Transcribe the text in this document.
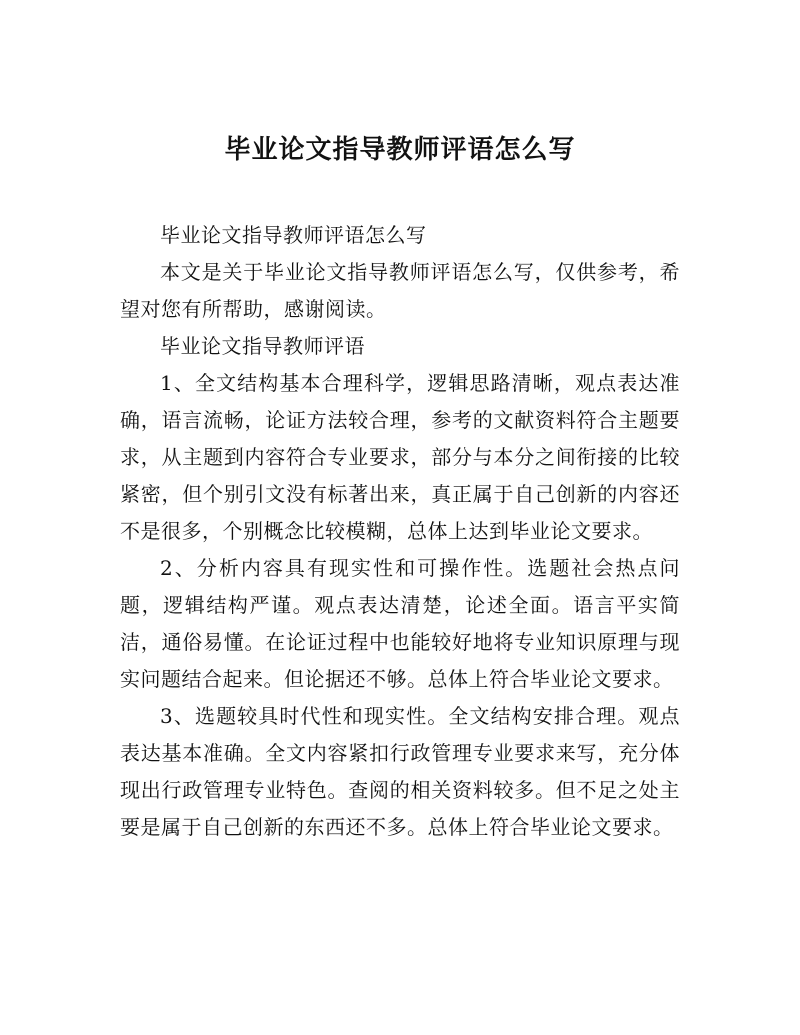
毕业论文指导教师评语怎么写

毕业论文指导教师评语怎么写

本文是关于毕业论文指导教师评语怎么写，仅供参考，希望对您有所帮助，感谢阅读。

毕业论文指导教师评语

1、全文结构基本合理科学，逻辑思路清晰，观点表达准确，语言流畅，论证方法较合理，参考的文献资料符合主题要求，从主题到内容符合专业要求，部分与本分之间衔接的比较紧密，但个别引文没有标著出来，真正属于自己创新的内容还不是很多，个别概念比较模糊，总体上达到毕业论文要求。

2、分析内容具有现实性和可操作性。选题社会热点问题，逻辑结构严谨。观点表达清楚，论述全面。语言平实简洁，通俗易懂。在论证过程中也能较好地将专业知识原理与现实问题结合起来。但论据还不够。总体上符合毕业论文要求。

3、选题较具时代性和现实性。全文结构安排合理。观点表达基本准确。全文内容紧扣行政管理专业要求来写，充分体现出行政管理专业特色。查阅的相关资料较多。但不足之处主要是属于自己创新的东西还不多。总体上符合毕业论文要求。
